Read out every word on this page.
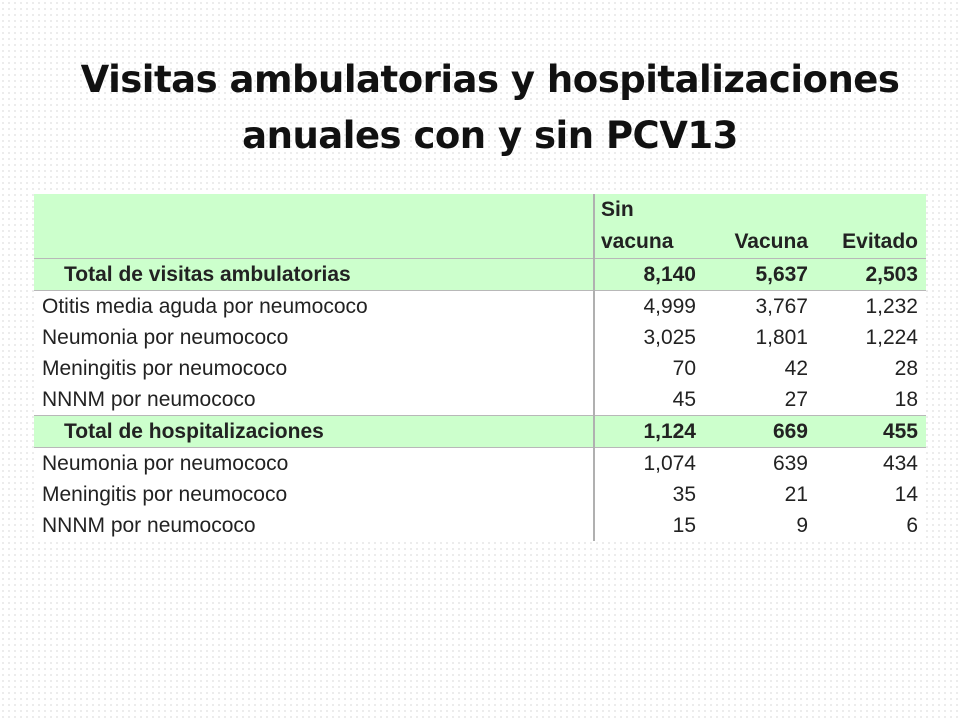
Visitas ambulatorias y hospitalizaciones
anuales con y sin PCV13

	Sin
vacuna	Vacuna	Evitado
Total de visitas ambulatorias	8,140	5,637	2,503
Otitis media aguda por neumococo	4,999	3,767	1,232
Neumonia por neumococo	3,025	1,801	1,224
Meningitis por neumococo	70	42	28
NNNM por neumococo	45	27	18
Total de hospitalizaciones	1,124	669	455
Neumonia por neumococo	1,074	639	434
Meningitis por neumococo	35	21	14
NNNM por neumococo	15	9	6
